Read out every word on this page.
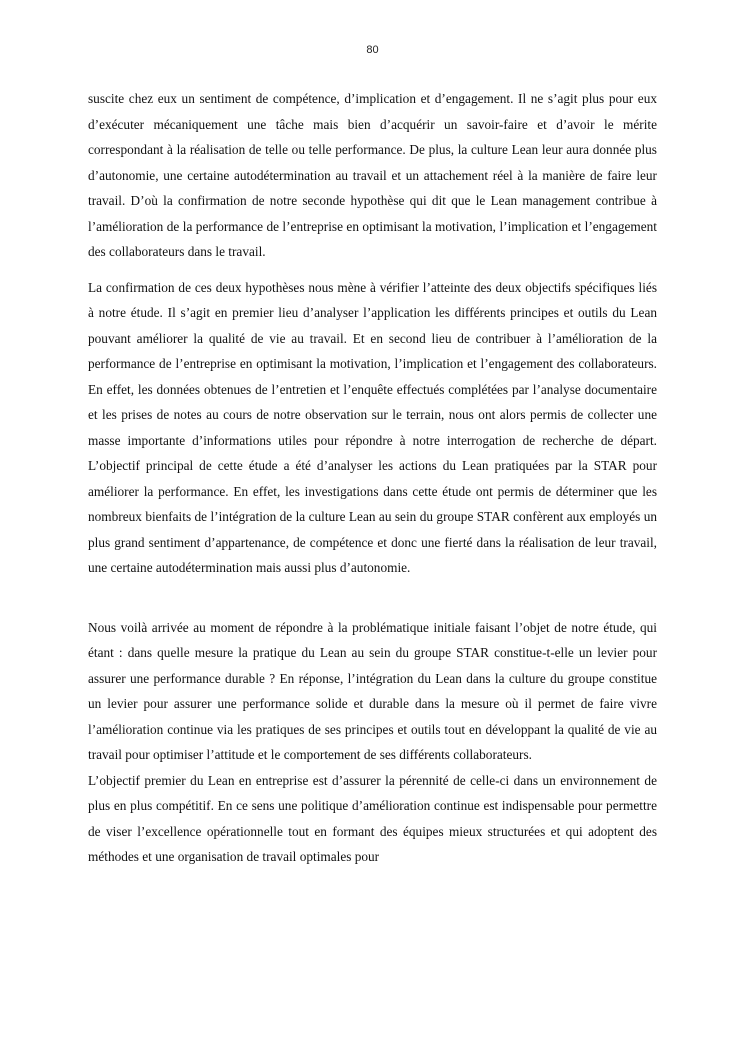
80

suscite chez eux un sentiment de compétence, d’implication et d’engagement. Il ne s’agit plus pour eux d’exécuter mécaniquement une tâche mais bien d’acquérir un savoir-faire et d’avoir le mérite correspondant à la réalisation de telle ou telle performance. De plus, la culture Lean leur aura donnée plus d’autonomie, une certaine autodétermination au travail et un attachement réel à la manière de faire leur travail. D’où la confirmation de notre seconde hypothèse qui dit que le Lean management contribue à l’amélioration de la performance de l’entreprise en optimisant la motivation, l’implication et l’engagement des collaborateurs dans le travail.

La confirmation de ces deux hypothèses nous mène à vérifier l’atteinte des deux objectifs spécifiques liés à notre étude. Il s’agit en premier lieu d’analyser l’application les différents principes et outils du Lean pouvant améliorer la qualité de vie au travail. Et en second lieu de contribuer à l’amélioration de la performance de l’entreprise en optimisant la motivation, l’implication et l’engagement des collaborateurs. En effet, les données obtenues de l’entretien et l’enquête effectués complétées par l’analyse documentaire et les prises de notes au cours de notre observation sur le terrain, nous ont alors permis de collecter une masse importante d’informations utiles pour répondre à notre interrogation de recherche de départ. L’objectif principal de cette étude a été d’analyser les actions du Lean pratiquées par la STAR pour améliorer la performance. En effet, les investigations dans cette étude ont permis de déterminer que les nombreux bienfaits de l’intégration de la culture Lean au sein du groupe STAR confèrent aux employés un plus grand sentiment d’appartenance, de compétence et donc une fierté dans la réalisation de leur travail, une certaine autodétermination mais aussi plus d’autonomie.

Nous voilà arrivée au moment de répondre à la problématique initiale faisant l’objet de notre étude, qui étant : dans quelle mesure la pratique du Lean au sein du groupe STAR constitue-t-elle un levier pour assurer une performance durable ? En réponse, l’intégration du Lean dans la culture du groupe constitue un levier pour assurer une performance solide et durable dans la mesure où il permet de faire vivre l’amélioration continue via les pratiques de ses principes et outils tout en développant la qualité de vie au travail pour optimiser l’attitude et le comportement de ses différents collaborateurs.

L’objectif premier du Lean en entreprise est d’assurer la pérennité de celle-ci dans un environnement de plus en plus compétitif. En ce sens une politique d’amélioration continue est indispensable pour permettre de viser l’excellence opérationnelle tout en formant des équipes mieux structurées et qui adoptent des méthodes et une organisation de travail optimales pour
